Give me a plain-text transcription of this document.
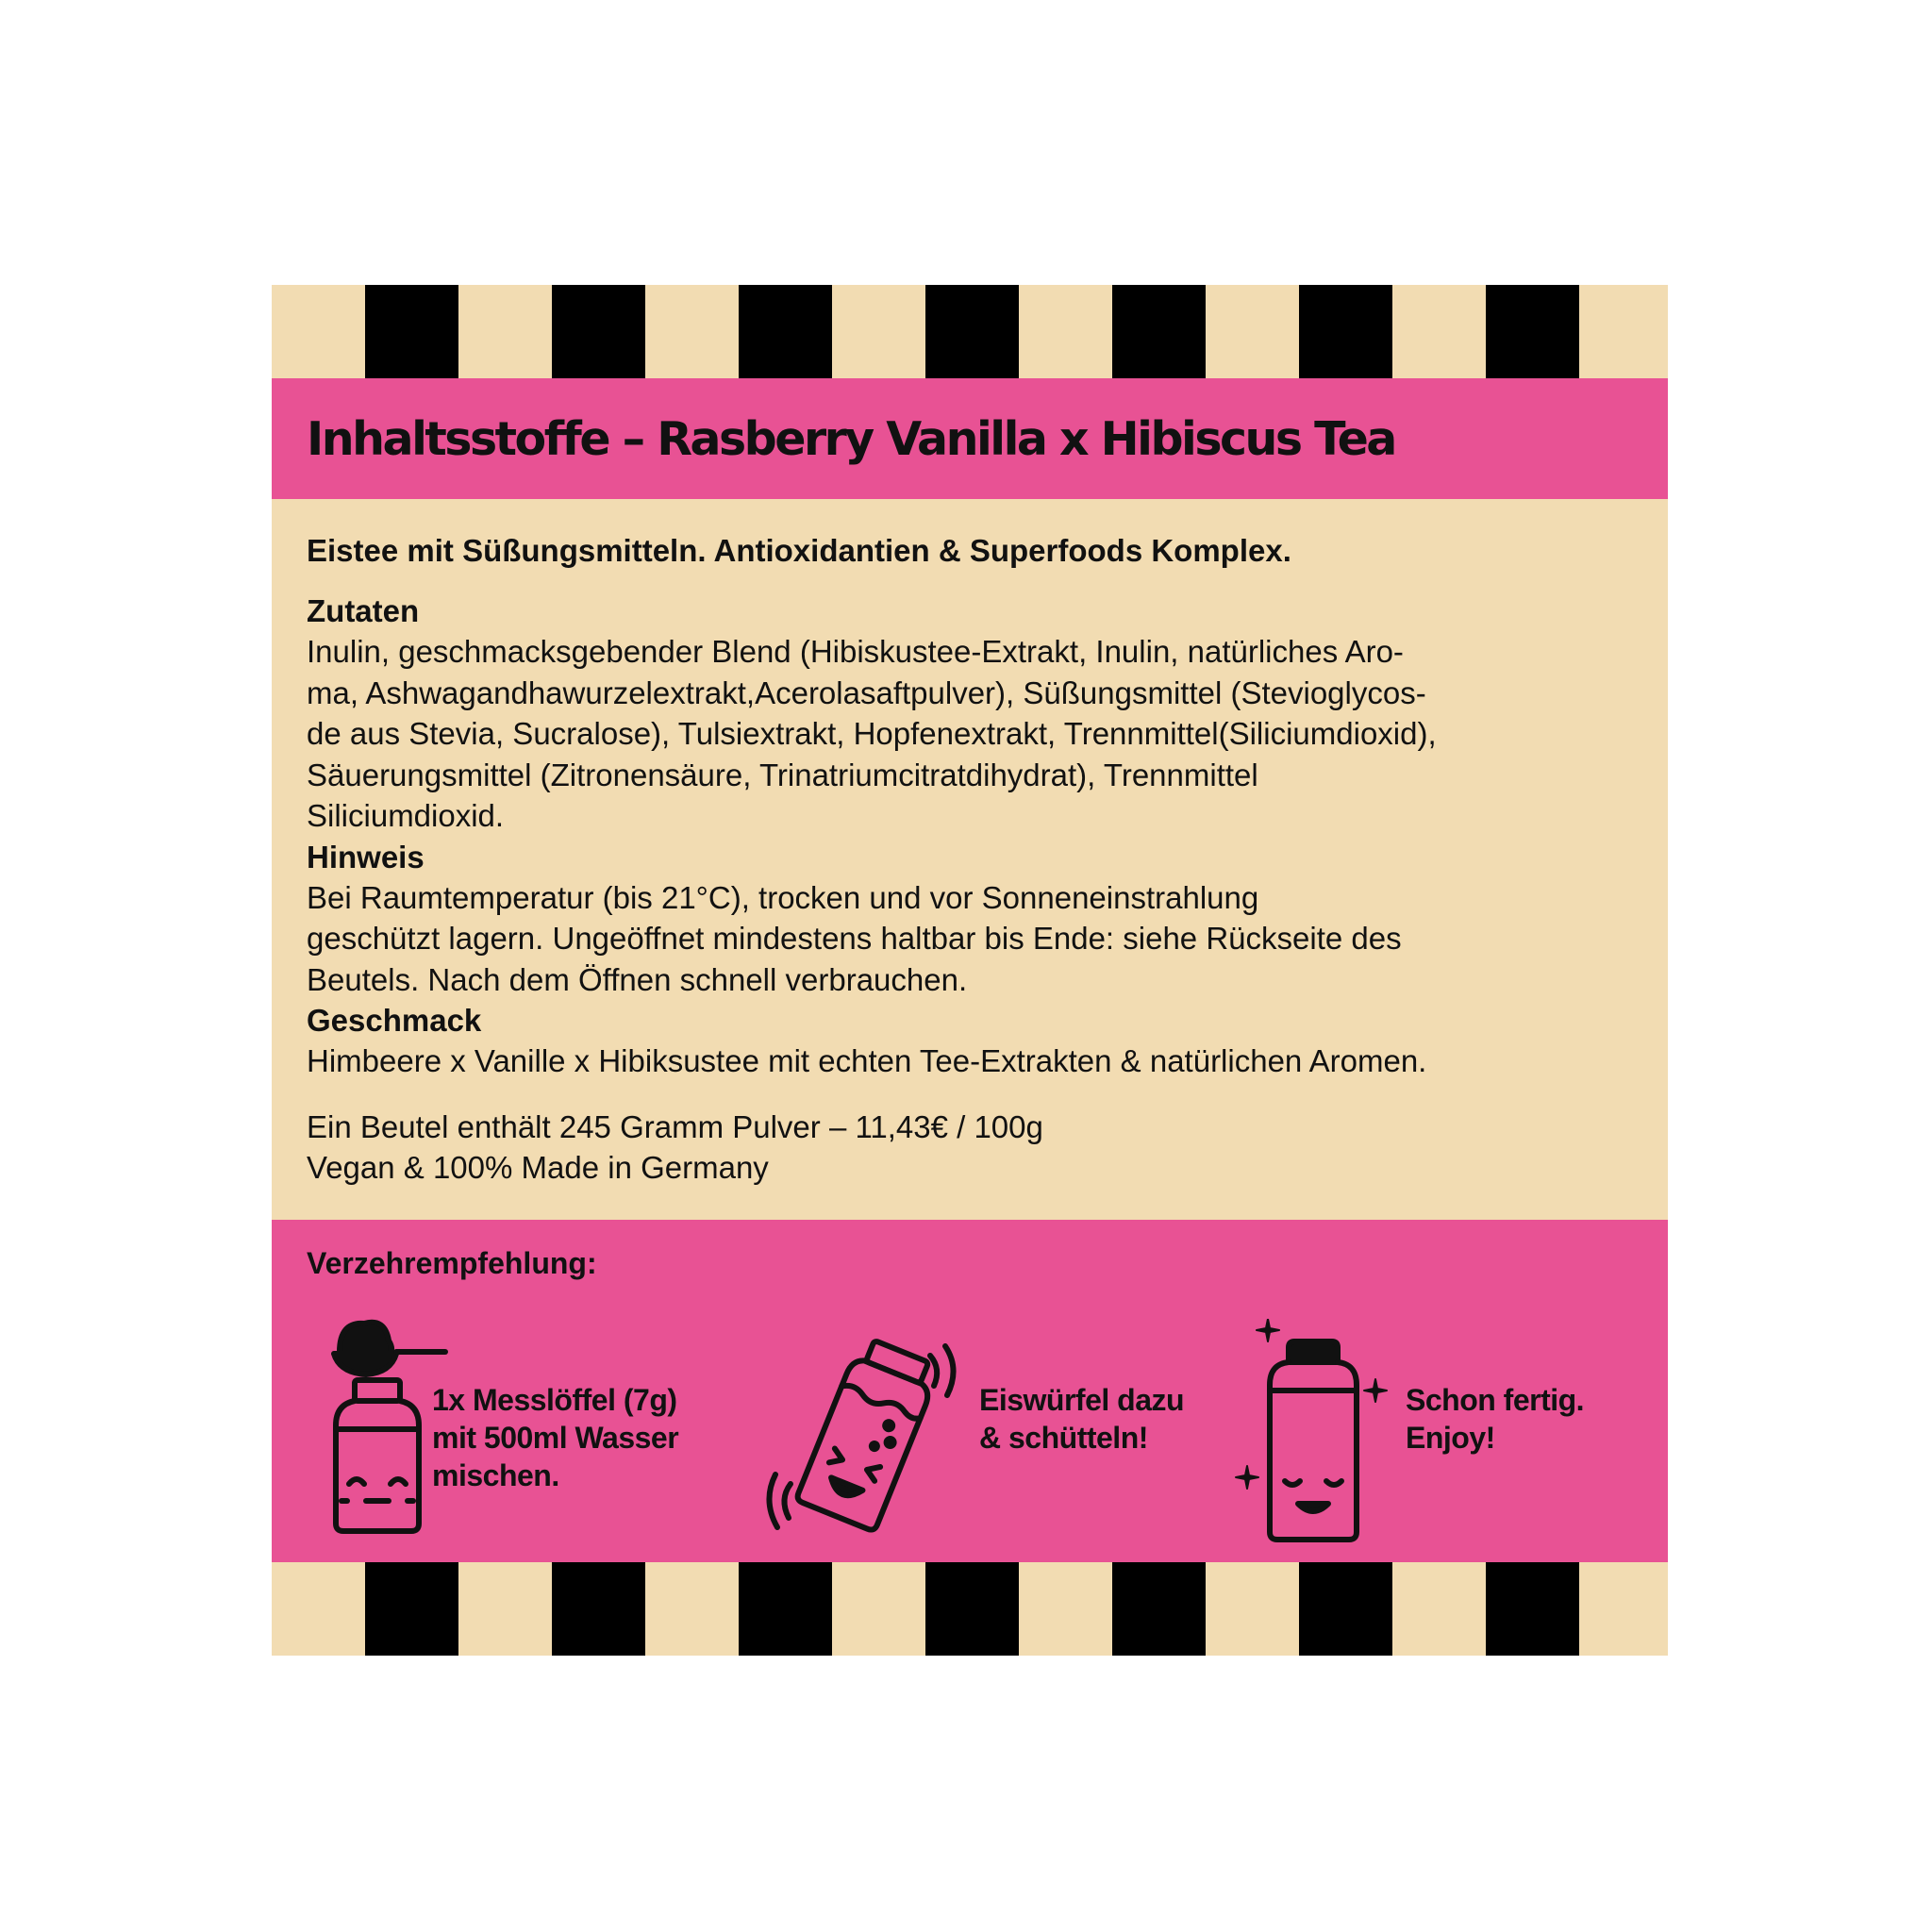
Inhaltsstoffe – Rasberry Vanilla x Hibiscus Tea

Eistee mit Süßungsmitteln. Antioxidantien & Superfoods Komplex.

Zutaten

Inulin, geschmacksgebender Blend (Hibiskustee-Extrakt, Inulin, natürliches Aro-
ma, Ashwagandhawurzelextrakt,Acerolasaftpulver), Süßungsmittel (Stevioglycos-
de aus Stevia, Sucralose), Tulsiextrakt, Hopfenextrakt, Trennmittel(Siliciumdioxid),
Säuerungsmittel (Zitronensäure, Trinatriumcitratdihydrat), Trennmittel
Siliciumdioxid.

Hinweis

Bei Raumtemperatur (bis 21°C), trocken und vor Sonneneinstrahlung
geschützt lagern. Ungeöffnet mindestens haltbar bis Ende: siehe Rückseite des
Beutels. Nach dem Öffnen schnell verbrauchen.

Geschmack

Himbeere x Vanille x Hibiksustee mit echten Tee-Extrakten & natürlichen Aromen.

Ein Beutel enthält 245 Gramm Pulver – 11,43€ / 100g

Vegan & 100% Made in Germany

Verzehrempfehlung:

1x Messlöffel (7g)
mit 500ml Wasser
mischen.

Eiswürfel dazu
& schütteln!

Schon fertig.
Enjoy!
